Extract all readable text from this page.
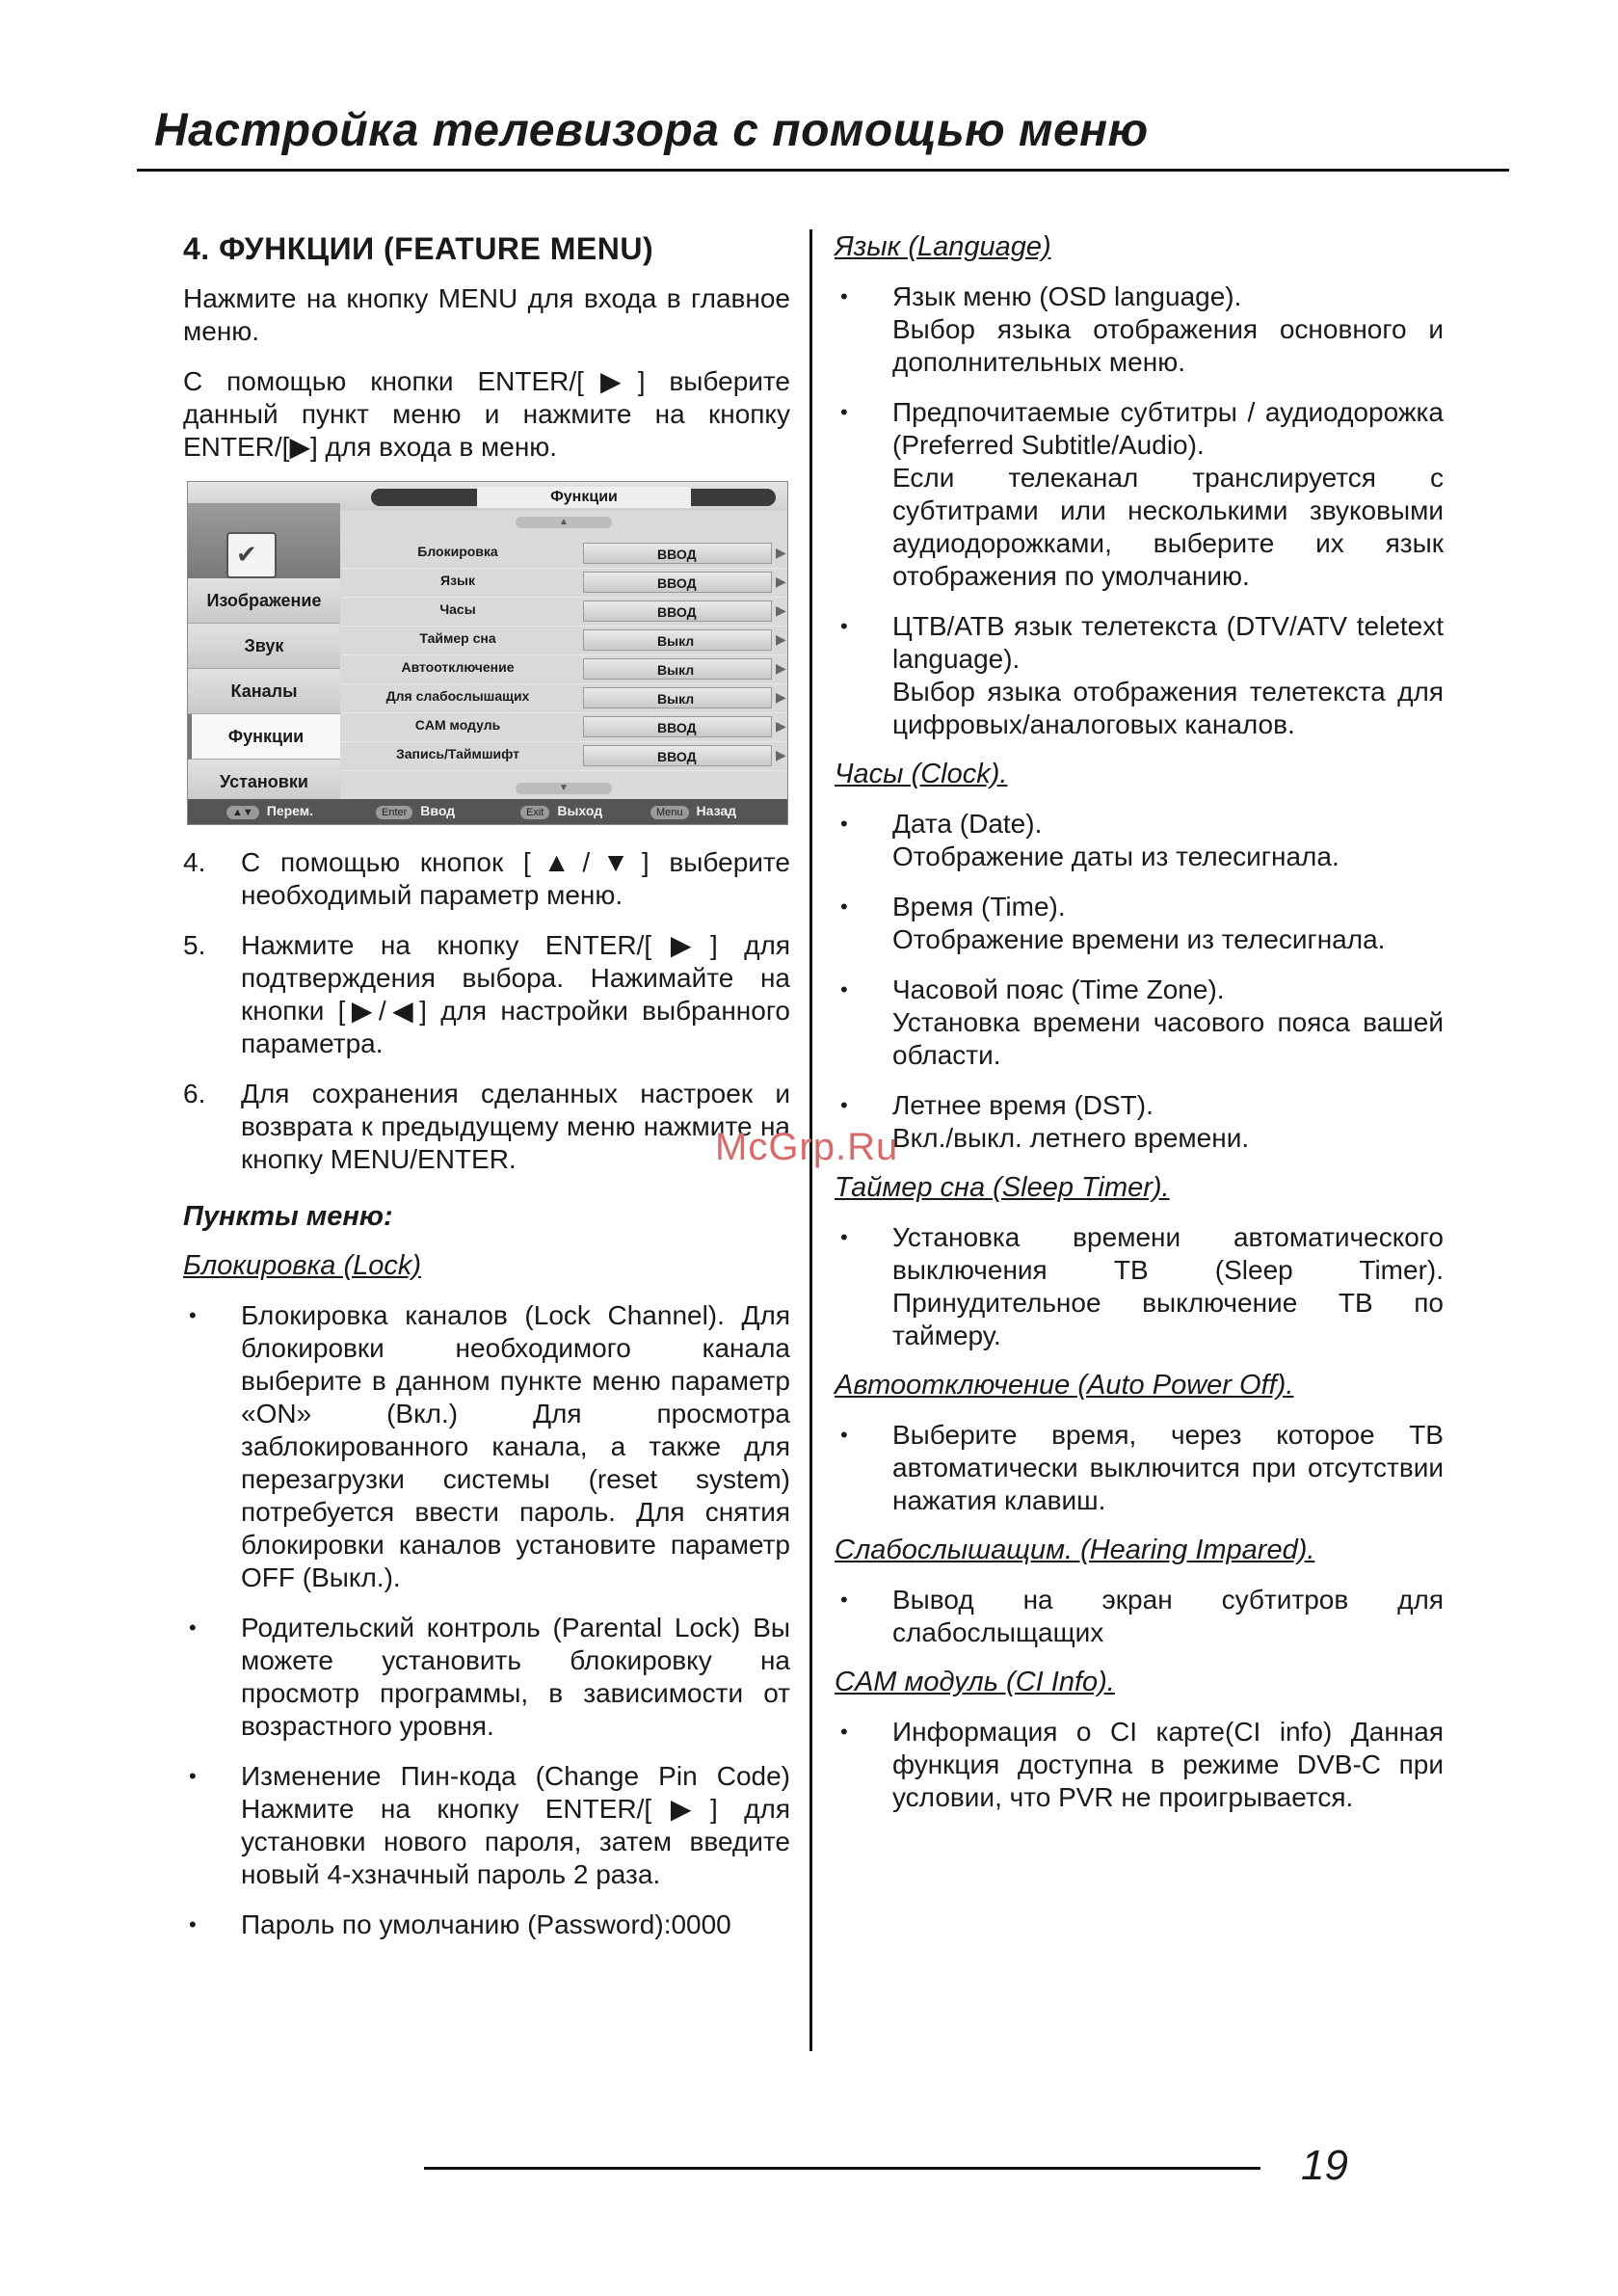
Настройка телевизора с помощью меню
4. ФУНКЦИИ (FEATURE MENU)
Нажмите на кнопку MENU для входа в главное меню.
С помощью кнопки ENTER/[▶] выберите данный пункт меню и нажмите на кнопку ENTER/[▶] для входа в меню.
Функции
✔
Изображение
Звук
Каналы
Функции
Установки
▲
Блокировка	ВВОД	▶
Язык	ВВОД	▶
Часы	ВВОД	▶
Таймер сна	Выкл	▶
Автоотключение	Выкл	▶
Для слабослышащих	Выкл	▶
CAM модуль	ВВОД	▶
Запись/Таймшифт	ВВОД	▶
▼
▲▼ Перем.	Enter Ввод	Exit Выход	Menu Назад
4. С помощью кнопок [▲/▼] выберите необходимый параметр меню.
5. Нажмите на кнопку ENTER/[▶] для подтверждения выбора. Нажимайте на кнопки [▶/◀] для настройки выбранного параметра.
6. Для сохранения сделанных настроек и возврата к предыдущему меню нажмите на кнопку MENU/ENTER.
Пункты меню:
Блокировка (Lock)
• Блокировка каналов (Lock Channel). Для блокировки необходимого канала выберите в данном пункте меню параметр «ON» (Вкл.) Для просмотра заблокированного канала, а также для перезагрузки системы (reset system) потребуется ввести пароль. Для снятия блокировки каналов установите параметр OFF (Выкл.).
• Родительский контроль (Parental Lock) Вы можете установить блокировку на просмотр программы, в зависимости от возрастного уровня.
• Изменение Пин-кода (Change Pin Code) Нажмите на кнопку ENTER/[▶] для установки нового пароля, затем введите новый 4-хзначный пароль 2 раза.
• Пароль по умолчанию (Password):0000
Язык (Language)
• Язык меню (OSD language).
Выбор языка отображения основного и дополнительных меню.
• Предпочитаемые субтитры / аудиодорожка (Preferred Subtitle/Audio).
Если телеканал транслируется с субтитрами или несколькими звуковыми аудиодорожками, выберите их язык отображения по умолчанию.
• ЦТВ/АТВ язык телетекста (DTV/ATV teletext language).
Выбор языка отображения телетекста для цифровых/аналоговых каналов.
Часы (Clock).
• Дата (Date).
Отображение даты из телесигнала.
• Время (Time).
Отображение времени из телесигнала.
• Часовой пояс (Time Zone).
Установка времени часового пояса вашей области.
• Летнее время (DST).
Вкл./выкл. летнего времени.
Таймер сна (Sleep Timer).
• Установка времени автоматического выключения ТВ (Sleep Timer). Принудительное выключение ТВ по таймеру.
Автоотключение (Auto Power Off).
• Выберите время, через которое ТВ автоматически выключится при отсутствии нажатия клавиш.
Слабослышащим. (Hearing Impared).
• Вывод на экран субтитров для слабослыщащих
CAM модуль (CI Info).
• Информация о CI карте(CI info) Данная функция доступна в режиме DVB-C при условии, что PVR не проигрывается.
McGrp.Ru
19
